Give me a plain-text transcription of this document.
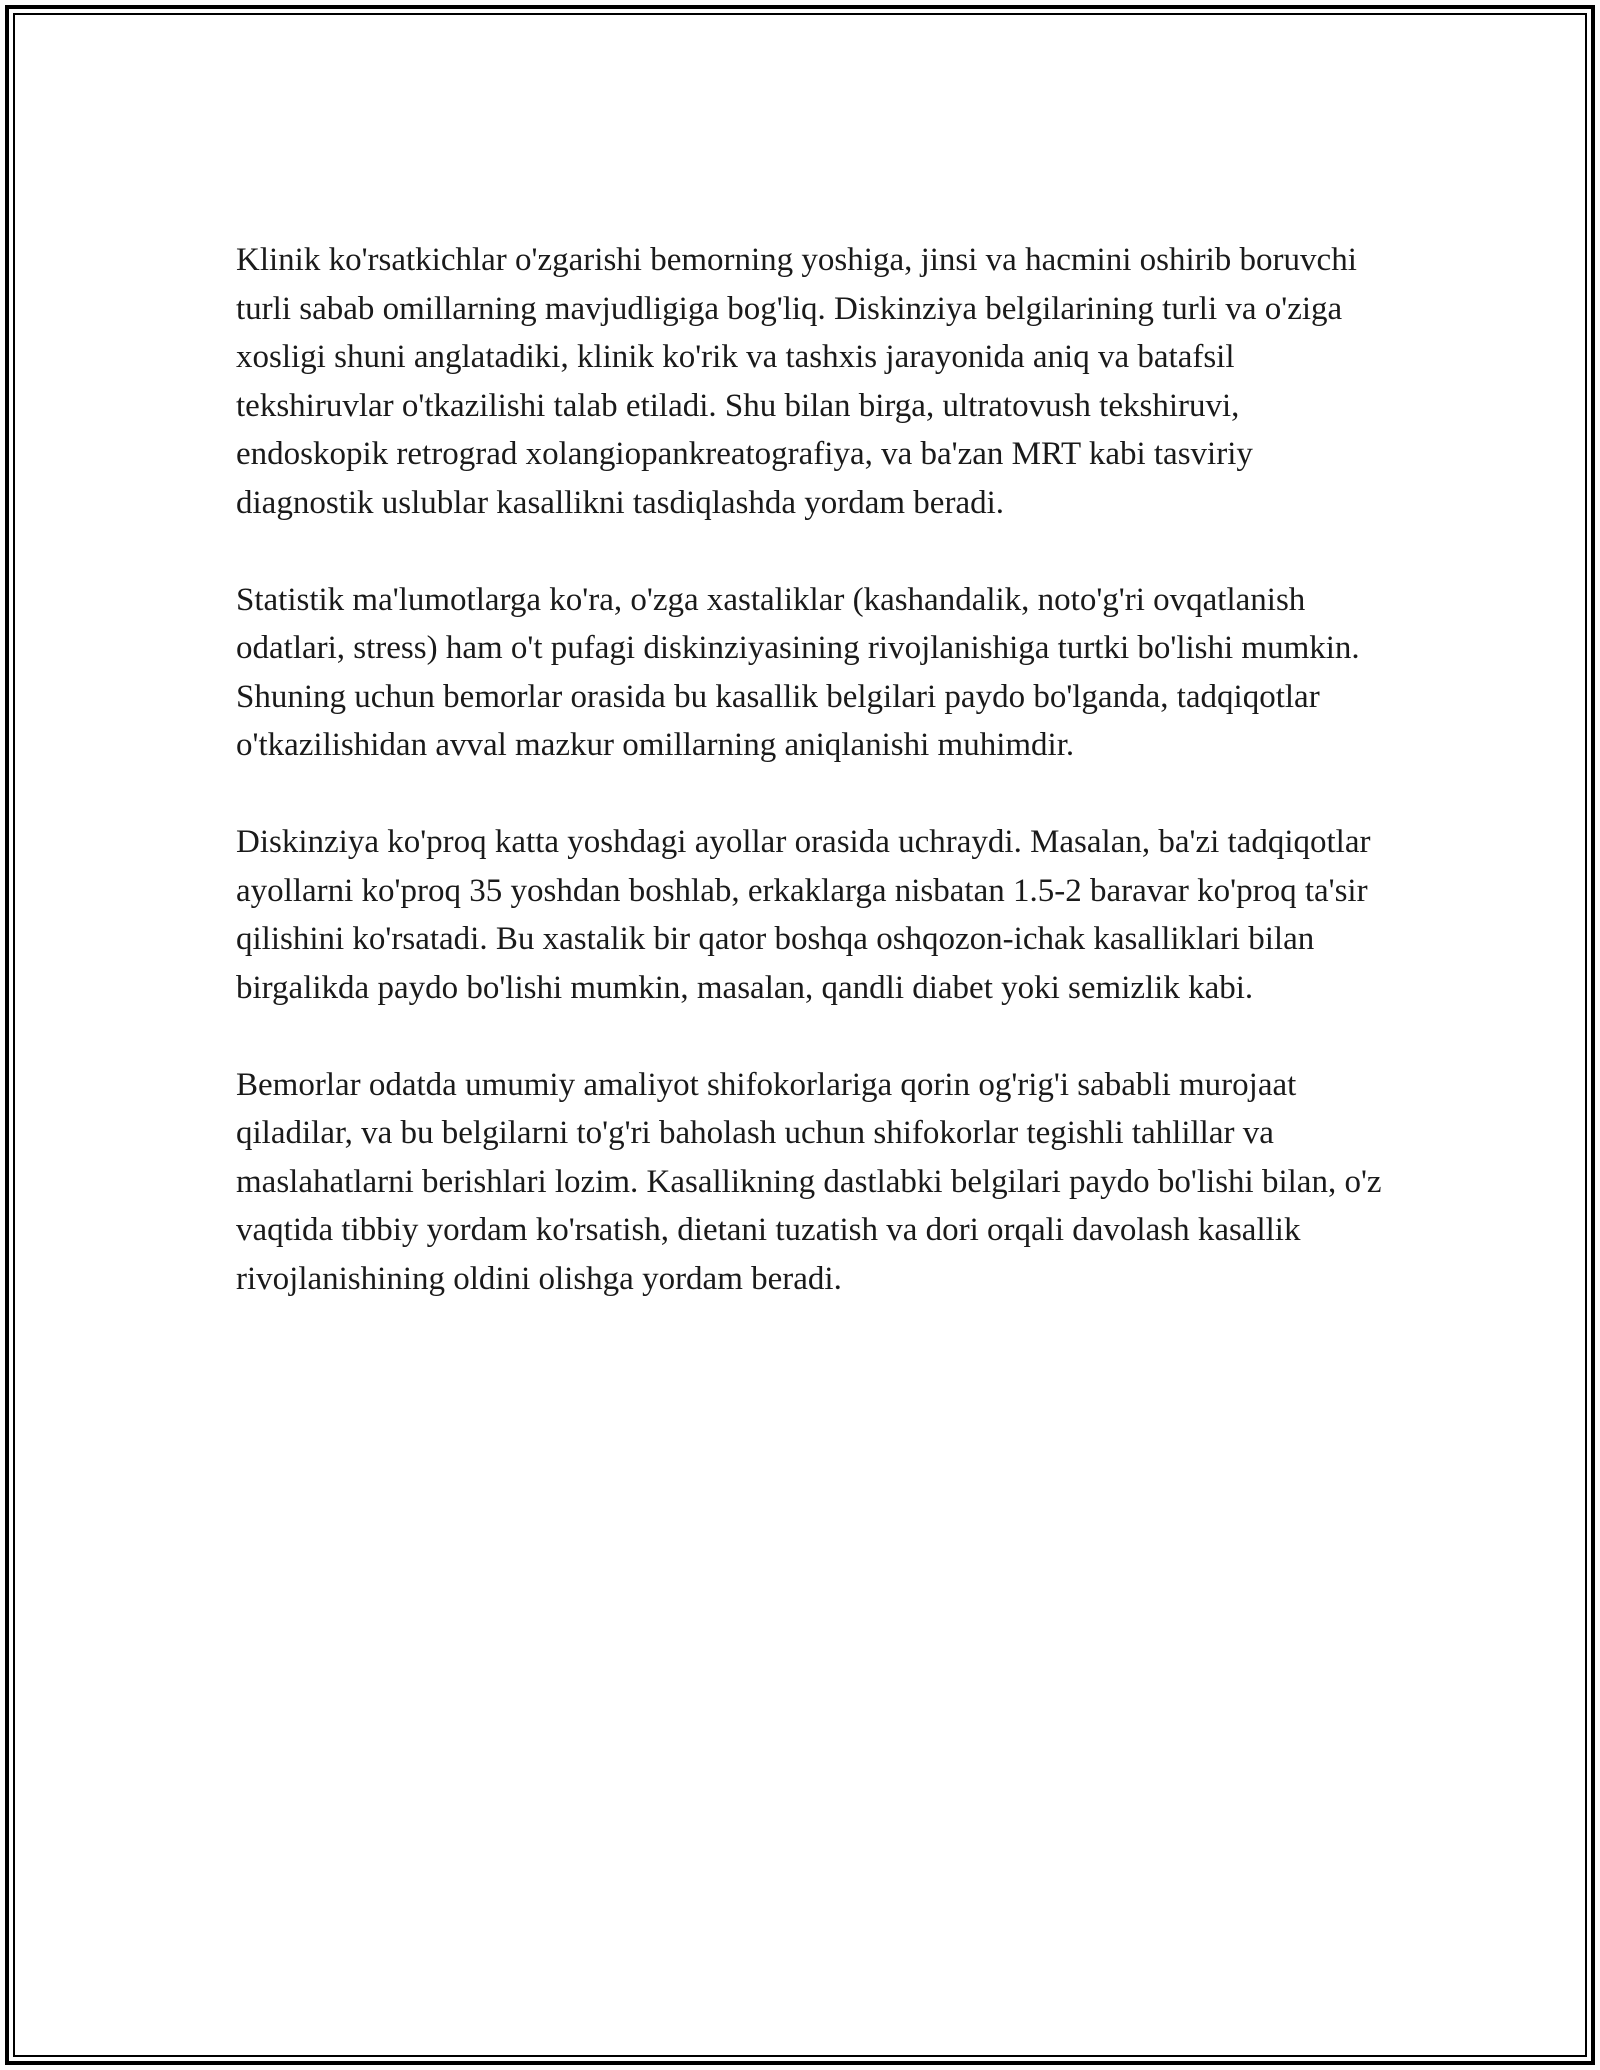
Klinik ko'rsatkichlar o'zgarishi bemorning yoshiga, jinsi va hacmini oshirib boruvchi turli sabab omillarning mavjudligiga bog'liq. Diskinziya belgilarining turli va o'ziga xosligi shuni anglatadiki, klinik ko'rik va tashxis jarayonida aniq va batafsil tekshiruvlar o'tkazilishi talab etiladi. Shu bilan birga, ultratovush tekshiruvi, endoskopik retrograd xolangiopankreatografiya, va ba'zan MRT kabi tasviriy diagnostik uslublar kasallikni tasdiqlashda yordam beradi.

Statistik ma'lumotlarga ko'ra, o'zga xastaliklar (kashandalik, noto'g'ri ovqatlanish odatlari, stress) ham o't pufagi diskinziyasining rivojlanishiga turtki bo'lishi mumkin. Shuning uchun bemorlar orasida bu kasallik belgilari paydo bo'lganda, tadqiqotlar o'tkazilishidan avval mazkur omillarning aniqlanishi muhimdir.

Diskinziya ko'proq katta yoshdagi ayollar orasida uchraydi. Masalan, ba'zi tadqiqotlar ayollarni ko'proq 35 yoshdan boshlab, erkaklarga nisbatan 1.5-2 baravar ko'proq ta'sir qilishini ko'rsatadi. Bu xastalik bir qator boshqa oshqozon-ichak kasalliklari bilan birgalikda paydo bo'lishi mumkin, masalan, qandli diabet yoki semizlik kabi.

Bemorlar odatda umumiy amaliyot shifokorlariga qorin og'rig'i sababli murojaat qiladilar, va bu belgilarni to'g'ri baholash uchun shifokorlar tegishli tahlillar va maslahatlarni berishlari lozim. Kasallikning dastlabki belgilari paydo bo'lishi bilan, o'z vaqtida tibbiy yordam ko'rsatish, dietani tuzatish va dori orqali davolash kasallik rivojlanishining oldini olishga yordam beradi.
